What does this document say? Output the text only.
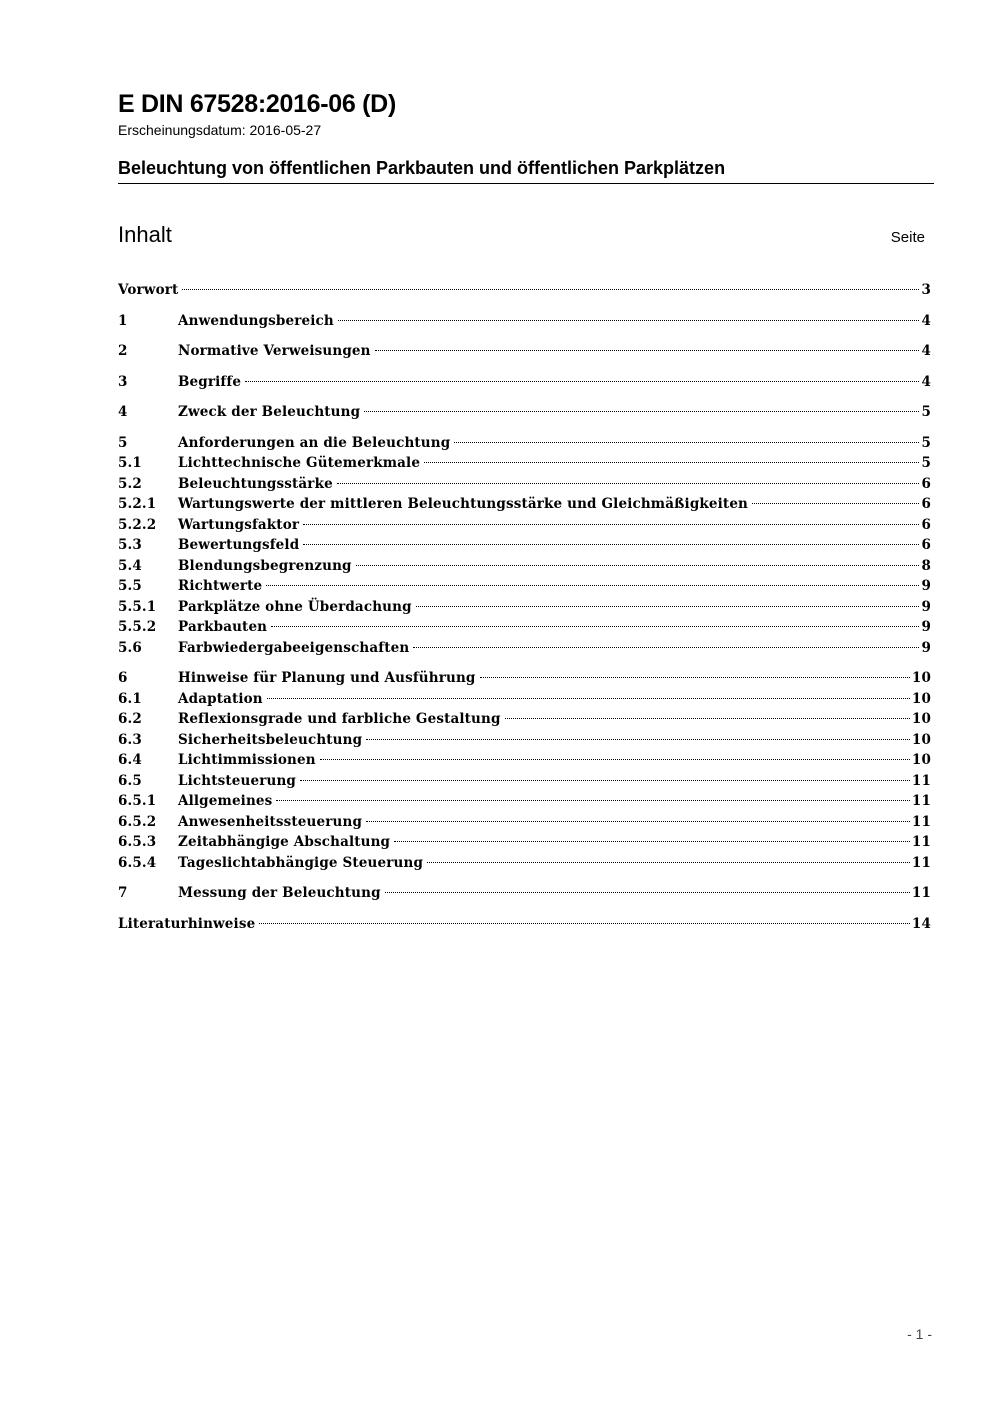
E DIN 67528:2016-06 (D)
Erscheinungsdatum: 2016-05-27
Beleuchtung von öffentlichen Parkbauten und öffentlichen Parkplätzen
Inhalt	Seite
Vorwort	3
1	Anwendungsbereich	4
2	Normative Verweisungen	4
3	Begriffe	4
4	Zweck der Beleuchtung	5
5	Anforderungen an die Beleuchtung	5
5.1	Lichttechnische Gütemerkmale	5
5.2	Beleuchtungsstärke	6
5.2.1	Wartungswerte der mittleren Beleuchtungsstärke und Gleichmäßigkeiten	6
5.2.2	Wartungsfaktor	6
5.3	Bewertungsfeld	6
5.4	Blendungsbegrenzung	8
5.5	Richtwerte	9
5.5.1	Parkplätze ohne Überdachung	9
5.5.2	Parkbauten	9
5.6	Farbwiedergabeeigenschaften	9
6	Hinweise für Planung und Ausführung	10
6.1	Adaptation	10
6.2	Reflexionsgrade und farbliche Gestaltung	10
6.3	Sicherheitsbeleuchtung	10
6.4	Lichtimmissionen	10
6.5	Lichtsteuerung	11
6.5.1	Allgemeines	11
6.5.2	Anwesenheitssteuerung	11
6.5.3	Zeitabhängige Abschaltung	11
6.5.4	Tageslichtabhängige Steuerung	11
7	Messung der Beleuchtung	11
Literaturhinweise	14
- 1 -
